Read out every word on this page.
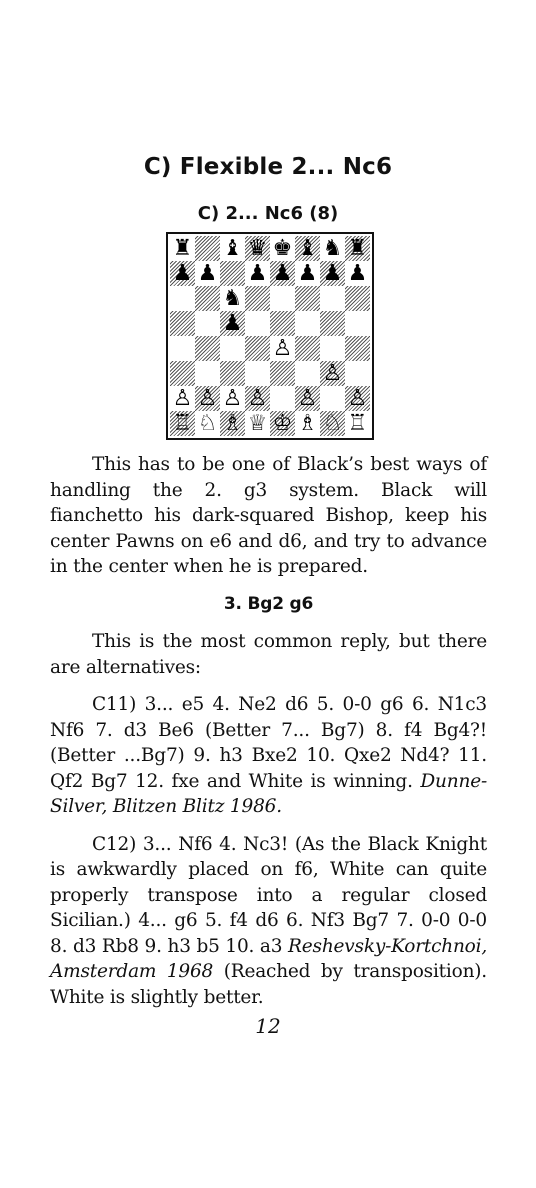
C) Flexible 2... Nc6
C) 2... Nc6 (8)
♜︎ ♝︎ ♛︎ ♚︎ ♝︎ ♞︎ ♜︎
♟︎ ♟︎ ♟︎ ♟︎ ♟︎ ♟︎ ♟︎
♞︎
♟︎
♙︎
♙︎
♙︎ ♙︎ ♙︎ ♙︎ ♙︎ ♙︎
♖︎ ♘︎ ♗︎ ♕︎ ♔︎ ♗︎ ♘︎ ♖︎

This has to be one of Black’s best ways of handling the 2. g3 system. Black will fianchetto his dark-squared Bishop, keep his center Pawns on e6 and d6, and try to advance in the center when he is prepared.

3. Bg2 g6

This is the most common reply, but there are alternatives:

C11) 3... e5 4. Ne2 d6 5. 0-0 g6 6. N1c3 Nf6 7. d3 Be6 (Better 7... Bg7) 8. f4 Bg4?! (Better ...Bg7) 9. h3 Bxe2 10. Qxe2 Nd4? 11. Qf2 Bg7 12. fxe and White is winning. Dunne-Silver, Blitzen Blitz 1986.

C12) 3... Nf6 4. Nc3! (As the Black Knight is awkwardly placed on f6, White can quite properly transpose into a regular closed Sicilian.) 4... g6 5. f4 d6 6. Nf3 Bg7 7. 0-0 0-0 8. d3 Rb8 9. h3 b5 10. a3 Reshevsky-Kortchnoi, Amsterdam 1968 (Reached by transposition). White is slightly better.

12
